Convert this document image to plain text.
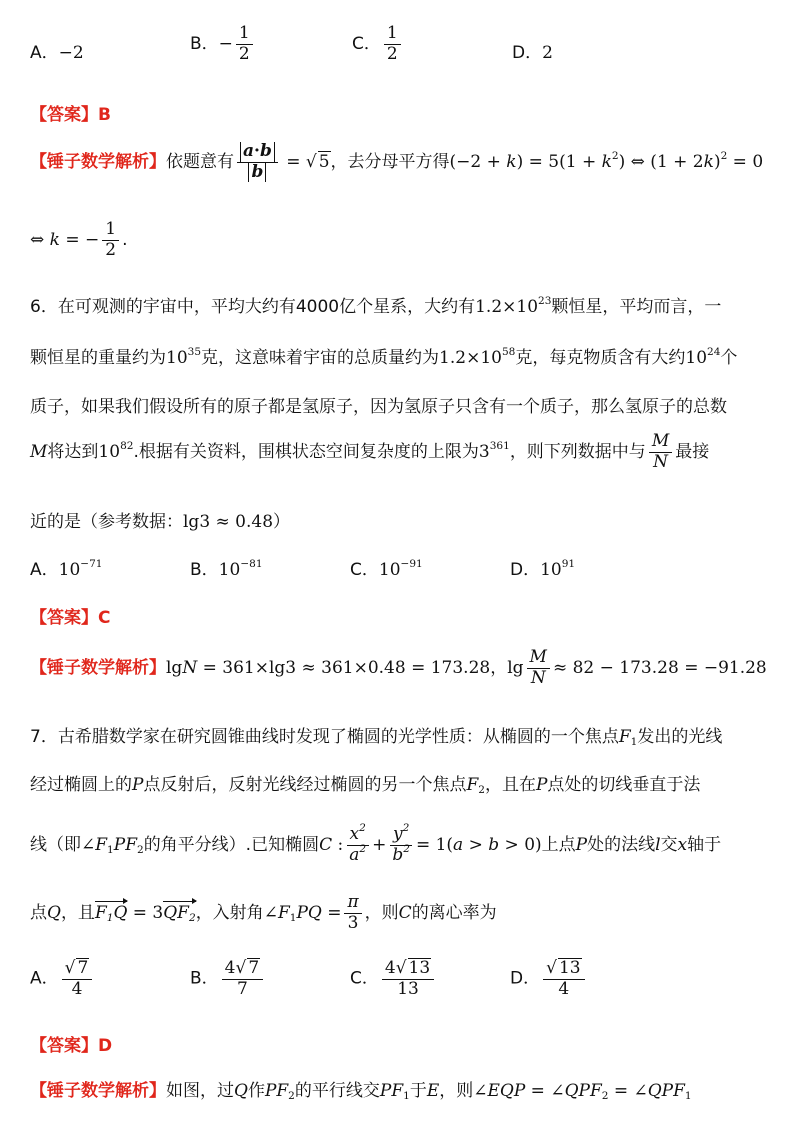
A．−2	B．− $\frac{1}{2}$	C． $\frac{1}{2}$	D．2
【答案】B
【锤子数学解析】依题意有 $\frac{a\cdot b}{b}$ = √ 5，去分母平方得$(-2 + k) = 5(1 + k^2)$ ⇔ $(1 + 2k)^2 = 0$
⇔ k = − $\frac{1}{2}$ .
6．在可观测的宇宙中，平均大约有4000亿个星系，大约有$1.2\times 10^{23}$颗恒星，平均而言，一
颗恒星的重量约为$10^{35}$克，这意味着宇宙的总质量约为$1.2\times 10^{58}$克，每克物质含有大约$10^{24}$个
质子，如果我们假设所有的原子都是氢原子，因为氢原子只含有一个质子，那么氢原子的总数
M将达到$10^{82}$.根据有关资料，围棋状态空间复杂度的上限为$3^{361}$，则下列数据中与 $\frac{M}{N}$ 最接
近的是（参考数据：lg3 ≈ 0.48）
A．$10^{-71}$	B．$10^{-81}$	C．$10^{-91}$	D．$10^{91}$
【答案】C
【锤子数学解析】lgN = 361×lg3 ≈ 361×0.48 = 173.28，$\lg \frac{M}{N} \approx 82 - 173.28 = -91.28$
7．古希腊数学家在研究圆锥曲线时发现了椭圆的光学性质：从椭圆的一个焦点$F_1$发出的光线
经过椭圆上的P点反射后，反射光线经过椭圆的另一个焦点$F_2$，且在P点处的切线垂直于法
线（即$\angle F_1PF_2$的角平分线）.已知椭圆C : $\frac{x^2}{a^2} + \frac{y^2}{b^2} = 1(a > b > 0)$上点P处的法线l交x轴于
点Q，且$F_1Q = 3QF_2$，入射角$\angle F_1PQ = \frac{\pi}{3}$ ，则C的离心率为
A． $\frac{√ 7}{4}$	B． $\frac{4√ 7}{7}$	C． $\frac{4√ 13}{13}$	D． $\frac{√ 13}{4}$
【答案】D
【锤子数学解析】如图，过Q作$PF_2$的平行线交$PF_1$于E，则∠EQP = $\angle QPF_2$ = $\angle QPF_1$
